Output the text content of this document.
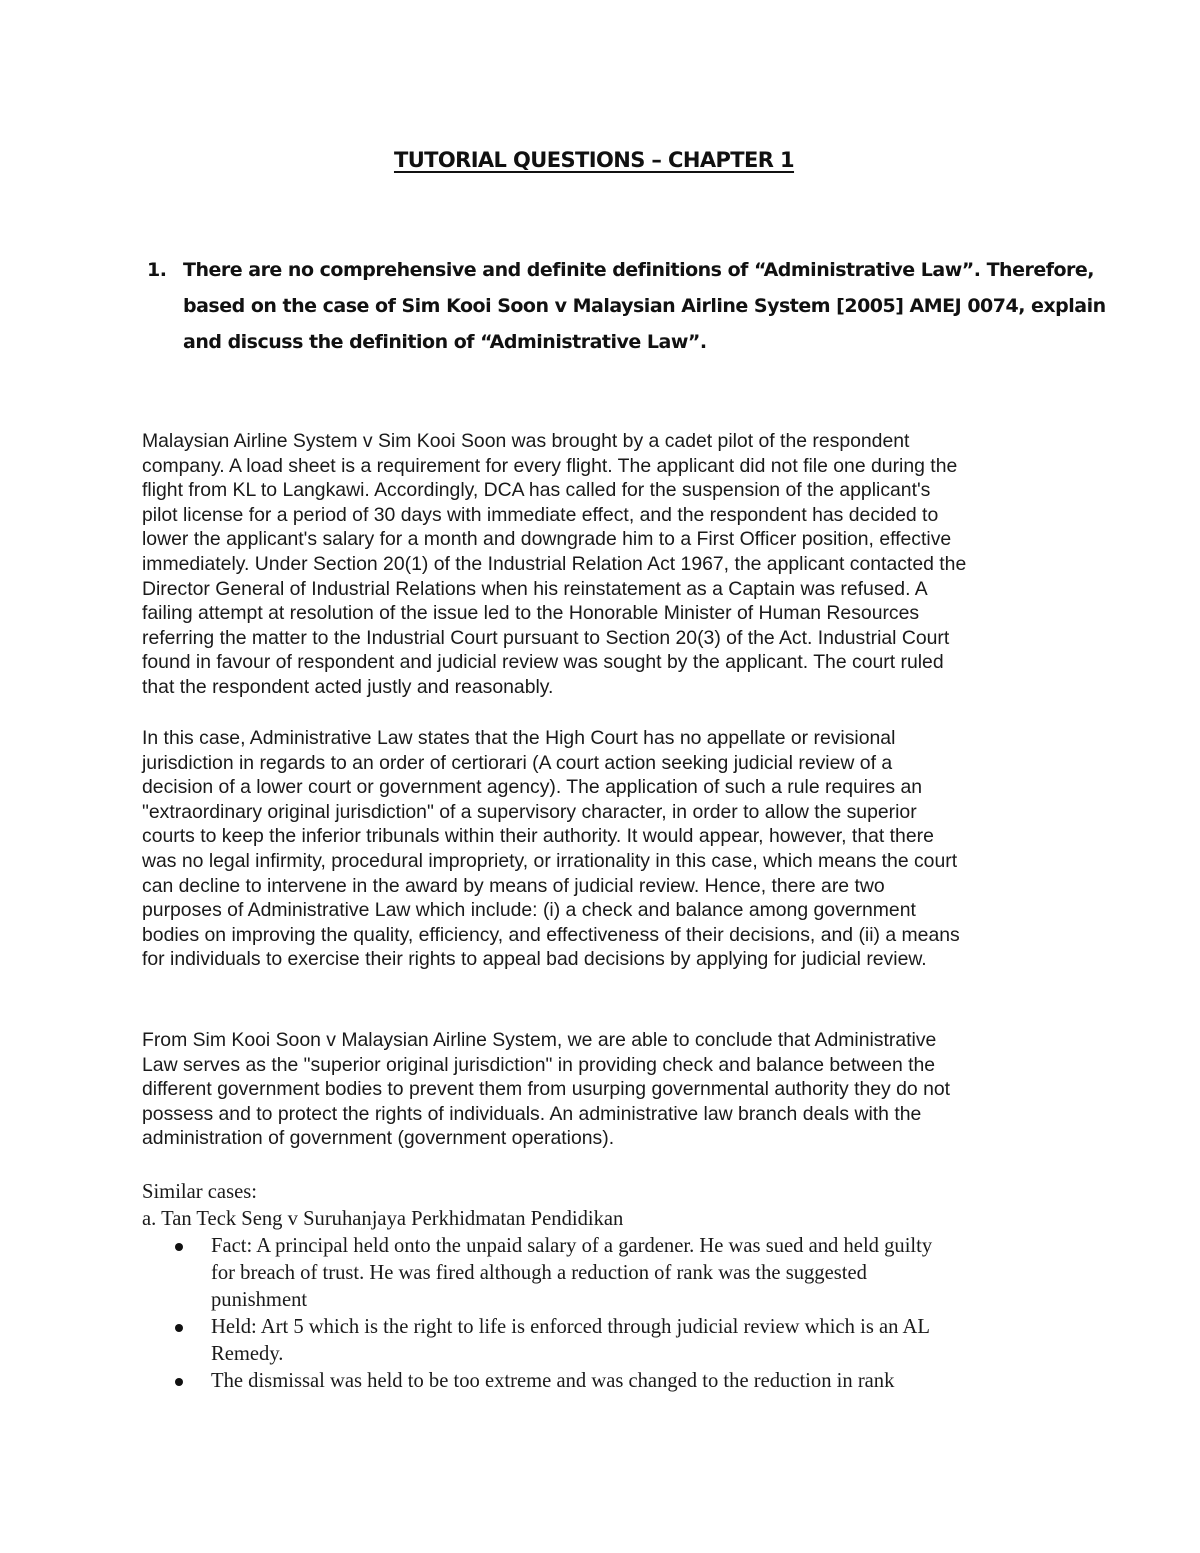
TUTORIAL QUESTIONS – CHAPTER 1
1. There are no comprehensive and definite definitions of “Administrative Law”. Therefore,
based on the case of Sim Kooi Soon v Malaysian Airline System [2005] AMEJ 0074, explain
and discuss the definition of “Administrative Law”.
Malaysian Airline System v Sim Kooi Soon was brought by a cadet pilot of the respondent
company. A load sheet is a requirement for every flight. The applicant did not file one during the
flight from KL to Langkawi. Accordingly, DCA has called for the suspension of the applicant's
pilot license for a period of 30 days with immediate effect, and the respondent has decided to
lower the applicant's salary for a month and downgrade him to a First Officer position, effective
immediately. Under Section 20(1) of the Industrial Relation Act 1967, the applicant contacted the
Director General of Industrial Relations when his reinstatement as a Captain was refused. A
failing attempt at resolution of the issue led to the Honorable Minister of Human Resources
referring the matter to the Industrial Court pursuant to Section 20(3) of the Act. Industrial Court
found in favour of respondent and judicial review was sought by the applicant. The court ruled
that the respondent acted justly and reasonably.
In this case, Administrative Law states that the High Court has no appellate or revisional
jurisdiction in regards to an order of certiorari (A court action seeking judicial review of a
decision of a lower court or government agency). The application of such a rule requires an
"extraordinary original jurisdiction" of a supervisory character, in order to allow the superior
courts to keep the inferior tribunals within their authority. It would appear, however, that there
was no legal infirmity, procedural impropriety, or irrationality in this case, which means the court
can decline to intervene in the award by means of judicial review. Hence, there are two
purposes of Administrative Law which include: (i) a check and balance among government
bodies on improving the quality, efficiency, and effectiveness of their decisions, and (ii) a means
for individuals to exercise their rights to appeal bad decisions by applying for judicial review.
From Sim Kooi Soon v Malaysian Airline System, we are able to conclude that Administrative
Law serves as the "superior original jurisdiction" in providing check and balance between the
different government bodies to prevent them from usurping governmental authority they do not
possess and to protect the rights of individuals. An administrative law branch deals with the
administration of government (government operations).
Similar cases:
a. Tan Teck Seng v Suruhanjaya Perkhidmatan Pendidikan
Fact: A principal held onto the unpaid salary of a gardener. He was sued and held guilty
for breach of trust. He was fired although a reduction of rank was the suggested
punishment
Held: Art 5 which is the right to life is enforced through judicial review which is an AL
Remedy.
The dismissal was held to be too extreme and was changed to the reduction in rank
